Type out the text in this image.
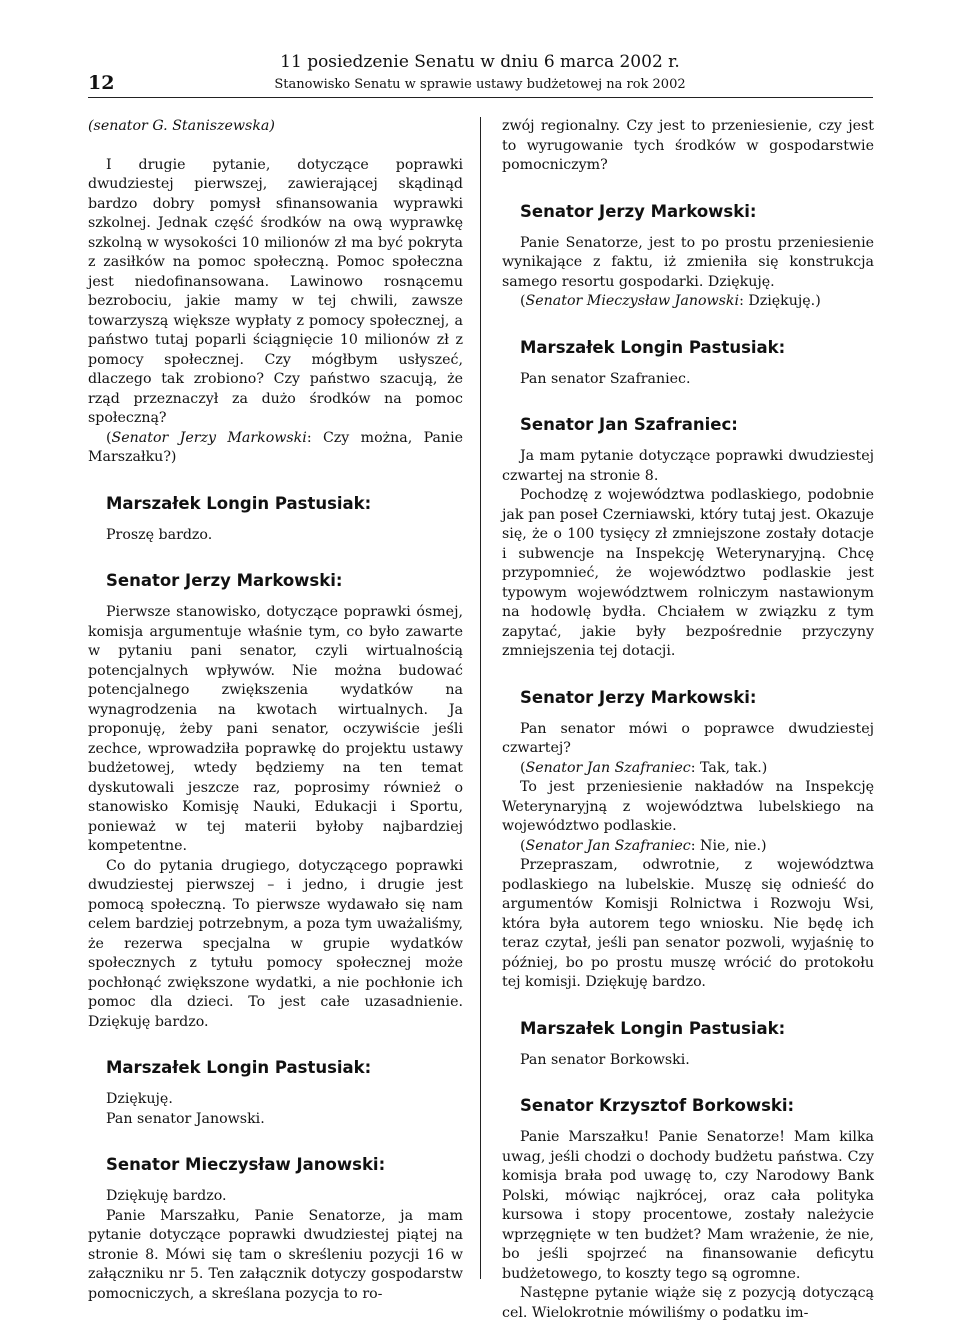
12
11 posiedzenie Senatu w dniu 6 marca 2002 r.
Stanowisko Senatu w sprawie ustawy budżetowej na rok 2002

(senator G. Staniszewska)

I drugie pytanie, dotyczące poprawki dwudziestej pierwszej, zawierającej skądinąd bardzo dobry pomysł sfinansowania wyprawki szkolnej. Jednak część środków na ową wyprawkę szkolną w wysokości 10 milionów zł ma być pokryta z zasiłków na pomoc społeczną. Pomoc społeczna jest niedofinansowana. Lawinowo rosnącemu bezrobociu, jakie mamy w tej chwili, zawsze towarzyszą większe wypłaty z pomocy społecznej, a państwo tutaj poparli ściągnięcie 10 milionów zł z pomocy społecznej. Czy mógłbym usłyszeć, dlaczego tak zrobiono? Czy państwo szacują, że rząd przeznaczył za dużo środków na pomoc społeczną?

(Senator Jerzy Markowski: Czy można, Panie Marszałku?)

Marszałek Longin Pastusiak:

Proszę bardzo.

Senator Jerzy Markowski:

Pierwsze stanowisko, dotyczące poprawki ósmej, komisja argumentuje właśnie tym, co było zawarte w pytaniu pani senator, czyli wirtualnością potencjalnych wpływów. Nie można budować potencjalnego zwiększenia wydatków na wynagrodzenia na kwotach wirtualnych. Ja proponuję, żeby pani senator, oczywiście jeśli zechce, wprowadziła poprawkę do projektu ustawy budżetowej, wtedy będziemy na ten temat dyskutowali jeszcze raz, poprosimy również o stanowisko Komisję Nauki, Edukacji i Sportu, ponieważ w tej materii byłoby najbardziej kompetentne.

Co do pytania drugiego, dotyczącego poprawki dwudziestej pierwszej – i jedno, i drugie jest pomocą społeczną. To pierwsze wydawało się nam celem bardziej potrzebnym, a poza tym uważaliśmy, że rezerwa specjalna w grupie wydatków społecznych z tytułu pomocy społecznej może pochłonąć zwiększone wydatki, a nie pochłonie ich pomoc dla dzieci. To jest całe uzasadnienie. Dziękuję bardzo.

Marszałek Longin Pastusiak:

Dziękuję.

Pan senator Janowski.

Senator Mieczysław Janowski:

Dziękuję bardzo.

Panie Marszałku, Panie Senatorze, ja mam pytanie dotyczące poprawki dwudziestej piątej na stronie 8. Mówi się tam o skreśleniu pozycji 16 w załączniku nr 5. Ten załącznik dotyczy gospodarstw pomocniczych, a skreślana pozycja to ro-

zwój regionalny. Czy jest to przeniesienie, czy jest to wyrugowanie tych środków w gospodarstwie pomocniczym?

Senator Jerzy Markowski:

Panie Senatorze, jest to po prostu przeniesienie wynikające z faktu, iż zmieniła się konstrukcja samego resortu gospodarki. Dziękuję.

(Senator Mieczysław Janowski: Dziękuję.)

Marszałek Longin Pastusiak:

Pan senator Szafraniec.

Senator Jan Szafraniec:

Ja mam pytanie dotyczące poprawki dwudziestej czwartej na stronie 8.

Pochodzę z województwa podlaskiego, podobnie jak pan poseł Czerniawski, który tutaj jest. Okazuje się, że o 100 tysięcy zł zmniejszone zostały dotacje i subwencje na Inspekcję Weterynaryjną. Chcę przypomnieć, że województwo podlaskie jest typowym województwem rolniczym nastawionym na hodowlę bydła. Chciałem w związku z tym zapytać, jakie były bezpośrednie przyczyny zmniejszenia tej dotacji.

Senator Jerzy Markowski:

Pan senator mówi o poprawce dwudziestej czwartej?

(Senator Jan Szafraniec: Tak, tak.)

To jest przeniesienie nakładów na Inspekcję Weterynaryjną z województwa lubelskiego na województwo podlaskie.

(Senator Jan Szafraniec: Nie, nie.)

Przepraszam, odwrotnie, z województwa podlaskiego na lubelskie. Muszę się odnieść do argumentów Komisji Rolnictwa i Rozwoju Wsi, która była autorem tego wniosku. Nie będę ich teraz czytał, jeśli pan senator pozwoli, wyjaśnię to później, bo po prostu muszę wrócić do protokołu tej komisji. Dziękuję bardzo.

Marszałek Longin Pastusiak:

Pan senator Borkowski.

Senator Krzysztof Borkowski:

Panie Marszałku! Panie Senatorze! Mam kilka uwag, jeśli chodzi o dochody budżetu państwa. Czy komisja brała pod uwagę to, czy Narodowy Bank Polski, mówiąc najkrócej, oraz cała polityka kursowa i stopy procentowe, zostały należycie wprzęgnięte w ten budżet? Mam wrażenie, że nie, bo jeśli spojrzeć na finansowanie deficytu budżetowego, to koszty tego są ogromne.

Następne pytanie wiąże się z pozycją dotyczącą cel. Wielokrotnie mówiliśmy o podatku im-
